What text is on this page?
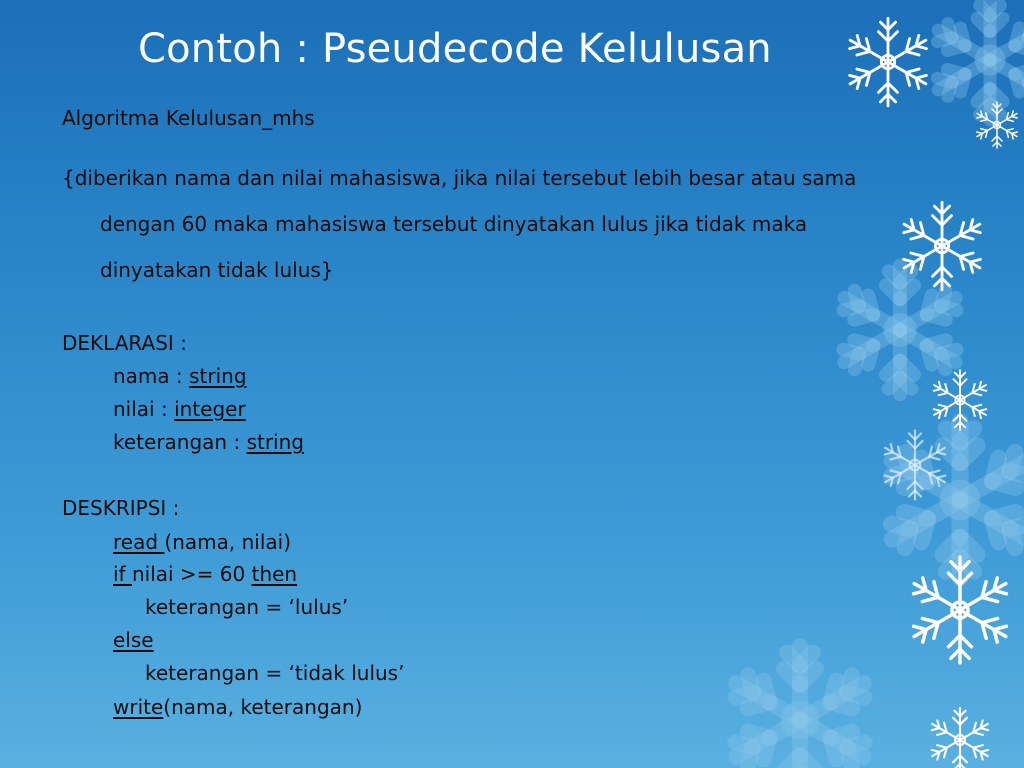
Contoh : Pseudecode Kelulusan
Algoritma Kelulusan_mhs
{diberikan nama dan nilai mahasiswa, jika nilai tersebut lebih besar atau sama
dengan 60 maka mahasiswa tersebut dinyatakan lulus jika tidak maka
dinyatakan tidak lulus}
DEKLARASI :
nama : string
nilai : integer
keterangan : string
DESKRIPSI :
read (nama, nilai)
if nilai >= 60 then
keterangan = ‘lulus’
else
keterangan = ‘tidak lulus’
write(nama, keterangan)
